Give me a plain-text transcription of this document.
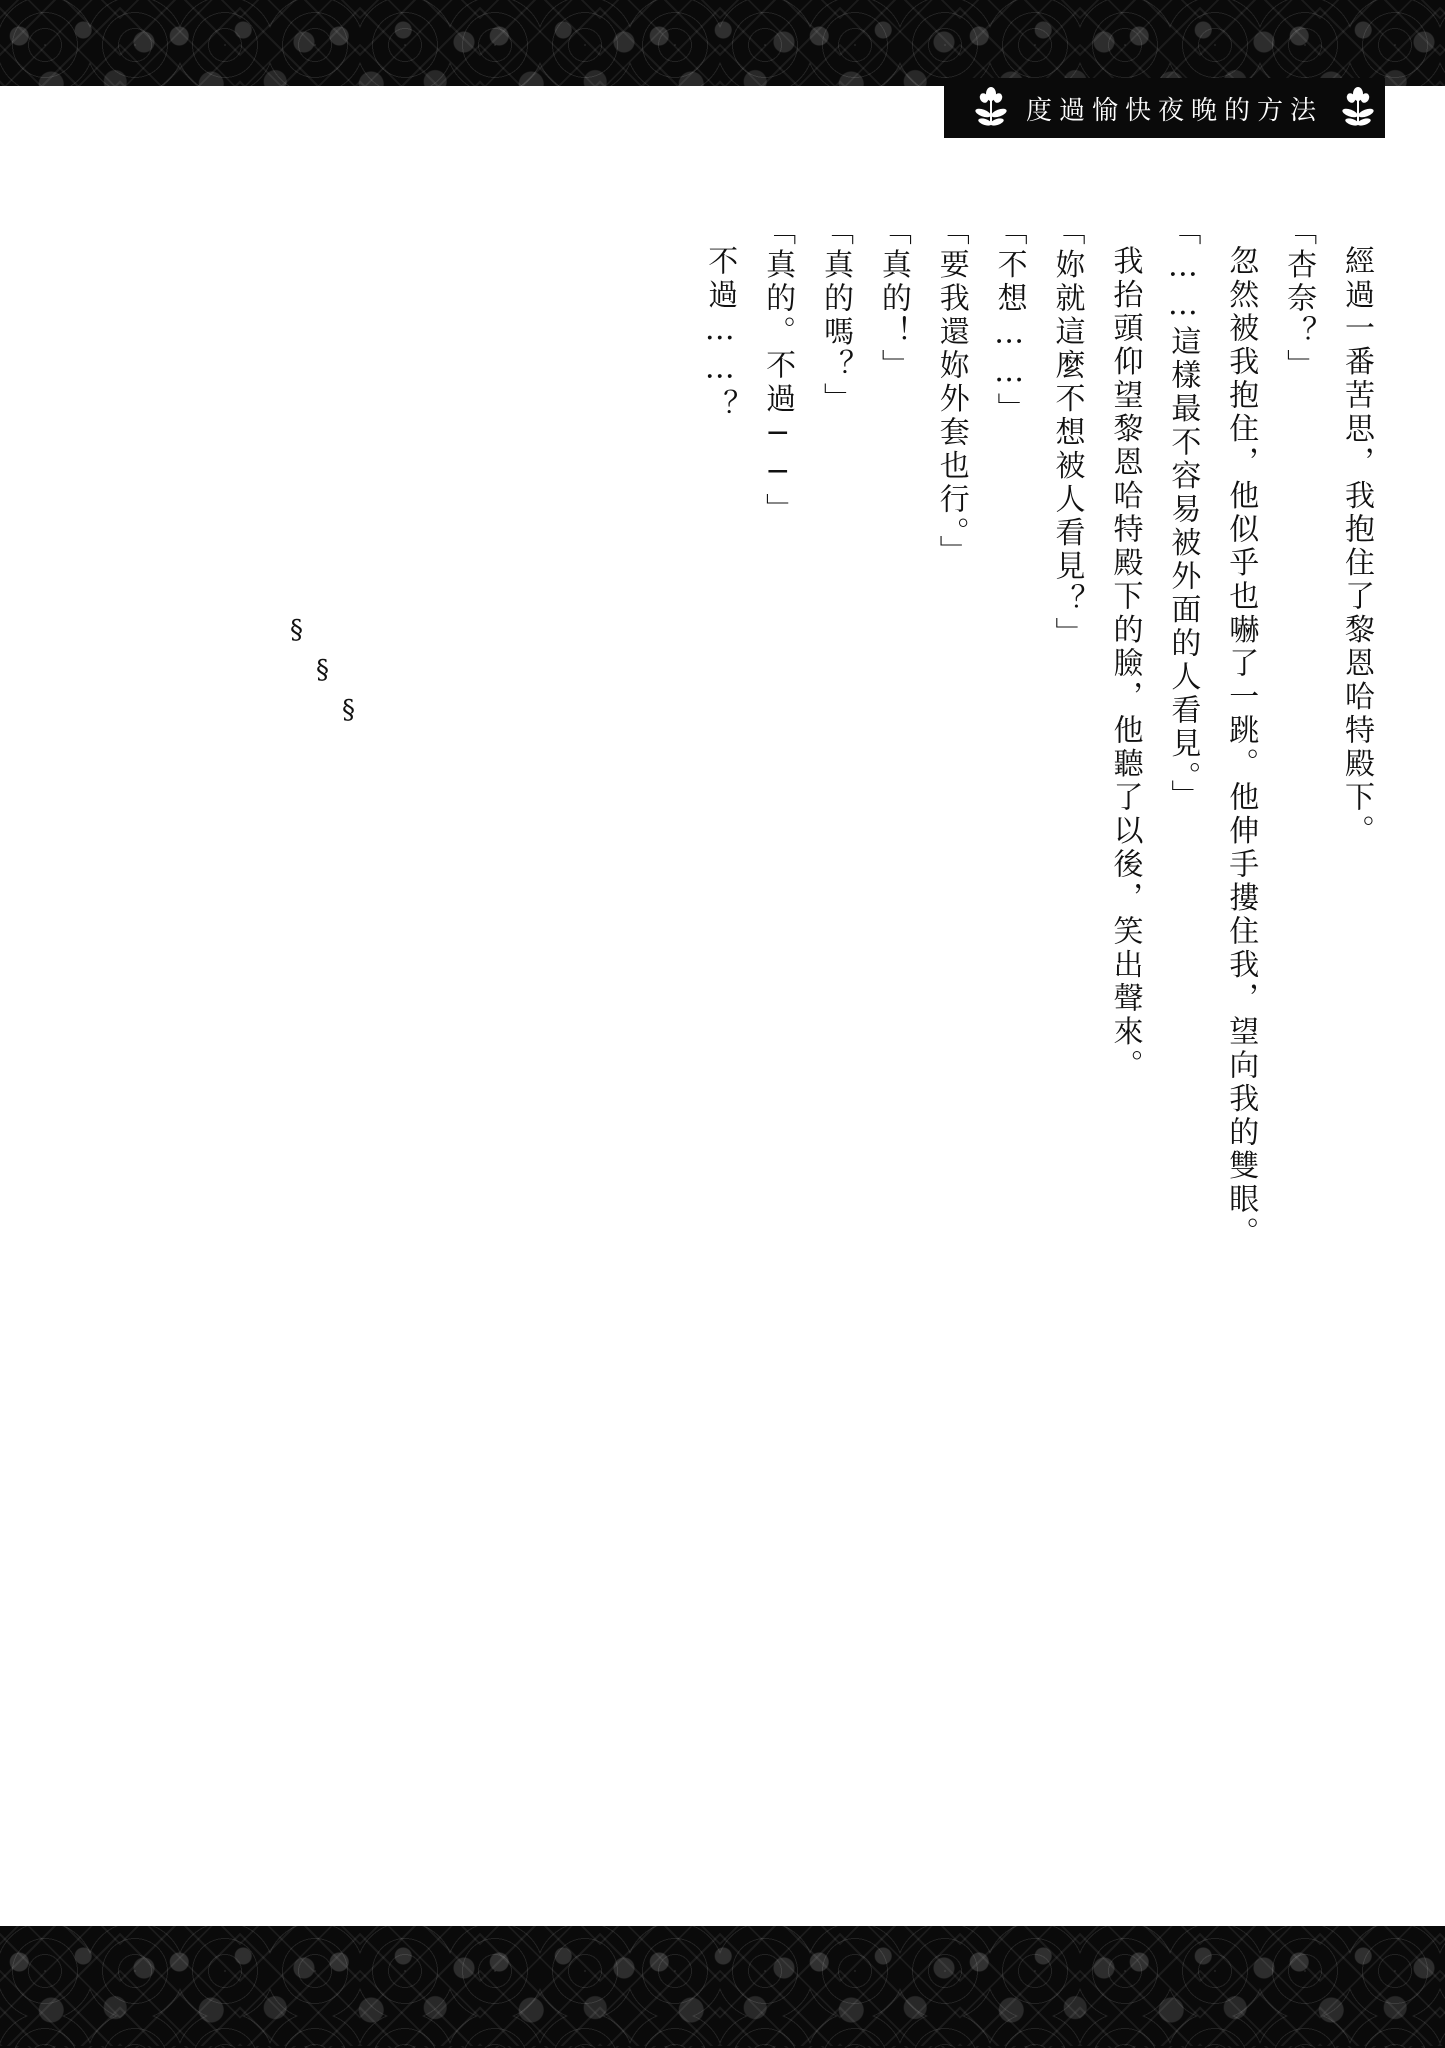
度過愉快夜晚的方法

經過一番苦思，我抱住了黎恩哈特殿下。

「杏奈？」

忽然被我抱住，他似乎也嚇了一跳。他伸手摟住我，望向我的雙眼。

「……這樣最不容易被外面的人看見。」

我抬頭仰望黎恩哈特殿下的臉，他聽了以後，笑出聲來。

「妳就這麼不想被人看見？」

「不想……」

「要我還妳外套也行。」

「真的！」

「真的嗎？」

「真的。不過──」

不過……？

§
§
§
